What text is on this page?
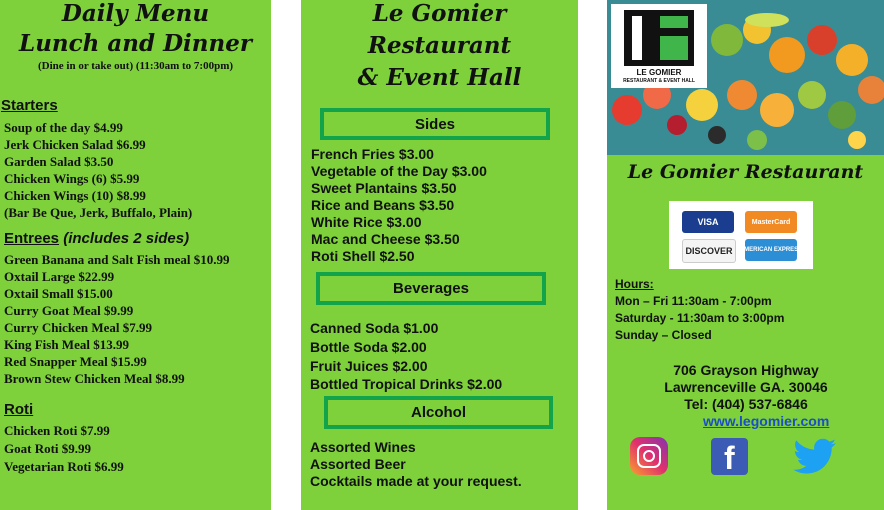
Daily Menu
Lunch and Dinner
(Dine in or take out) (11:30am to 7:00pm)
Starters
Soup of the day $4.99
Jerk Chicken Salad $6.99
Garden Salad $3.50
Chicken Wings (6) $5.99
Chicken Wings (10) $8.99
(Bar Be Que, Jerk, Buffalo, Plain)
Entrees (includes 2 sides)
Green Banana and Salt Fish meal $10.99
Oxtail Large $22.99
Oxtail Small $15.00
Curry Goat Meal $9.99
Curry Chicken Meal $7.99
King Fish Meal $13.99
Red Snapper Meal $15.99
Brown Stew Chicken Meal $8.99
Roti
Chicken Roti $7.99
Goat Roti $9.99
Vegetarian Roti $6.99
Le Gomier
Restaurant
& Event Hall
Sides
French Fries $3.00
Vegetable of the Day $3.00
Sweet Plantains $3.50
Rice and Beans $3.50
White Rice $3.00
Mac and Cheese $3.50
Roti Shell $2.50
Beverages
Canned Soda $1.00
Bottle Soda $2.00
Fruit Juices $2.00
Bottled Tropical Drinks $2.00
Alcohol
Assorted Wines
Assorted Beer
Cocktails made at your request.
LE GOMIER
RESTAURANT & EVENT HALL
Le Gomier Restaurant
VISA	MasterCard
DISCOVER	AMERICAN EXPRESS
Hours:
Mon – Fri 11:30am - 7:00pm
Saturday - 11:30am to 3:00pm
Sunday – Closed
706 Grayson Highway
Lawrenceville GA. 30046
Tel: (404) 537-6846
www.legomier.com
f
